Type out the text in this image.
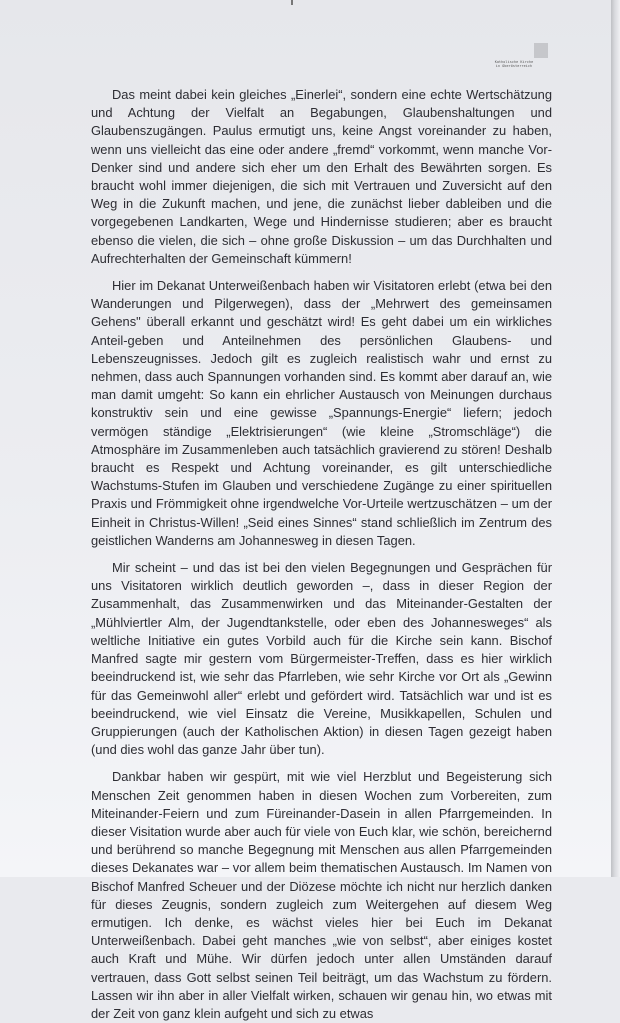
Katholische Kirche
in Oberösterreich

Das meint dabei kein gleiches „Einerlei“, sondern eine echte Wertschätzung und Achtung der Vielfalt an Begabungen, Glaubenshaltungen und Glaubenszugängen. Paulus ermutigt uns, keine Angst voreinander zu haben, wenn uns vielleicht das eine oder andere „fremd“ vorkommt, wenn manche Vor-Denker sind und andere sich eher um den Erhalt des Bewährten sorgen. Es braucht wohl immer diejenigen, die sich mit Vertrauen und Zuversicht auf den Weg in die Zukunft machen, und jene, die zunächst lieber dableiben und die vorgegebenen Landkarten, Wege und Hindernisse studieren; aber es braucht ebenso die vielen, die sich – ohne große Diskussion – um das Durchhalten und Aufrechterhalten der Gemeinschaft kümmern!

Hier im Dekanat Unterweißenbach haben wir Visitatoren erlebt (etwa bei den Wanderungen und Pilgerwegen), dass der „Mehrwert des gemeinsamen Gehens" überall erkannt und geschätzt wird! Es geht dabei um ein wirkliches Anteil-geben und Anteilnehmen des persönlichen Glaubens- und Lebenszeugnisses. Jedoch gilt es zugleich realistisch wahr und ernst zu nehmen, dass auch Spannungen vorhanden sind. Es kommt aber darauf an, wie man damit umgeht: So kann ein ehrlicher Austausch von Meinungen durchaus konstruktiv sein und eine gewisse „Spannungs-Energie“ liefern; jedoch vermögen ständige „Elektrisierungen“ (wie kleine „Stromschläge“) die Atmosphäre im Zusammenleben auch tatsächlich gravierend zu stören! Deshalb braucht es Respekt und Achtung voreinander, es gilt unterschiedliche Wachstums-Stufen im Glauben und verschiedene Zugänge zu einer spirituellen Praxis und Frömmigkeit ohne irgendwelche Vor-Urteile wertzuschätzen – um der Einheit in Christus-Willen! „Seid eines Sinnes“ stand schließlich im Zentrum des geistlichen Wanderns am Johannesweg in diesen Tagen.

Mir scheint – und das ist bei den vielen Begegnungen und Gesprächen für uns Visitatoren wirklich deutlich geworden –, dass in dieser Region der Zusammenhalt, das Zusammenwirken und das Miteinander-Gestalten der „Mühlviertler Alm, der Jugendtankstelle, oder eben des Johannesweges“ als weltliche Initiative ein gutes Vorbild auch für die Kirche sein kann. Bischof Manfred sagte mir gestern vom Bürgermeister-Treffen, dass es hier wirklich beeindruckend ist, wie sehr das Pfarrleben, wie sehr Kirche vor Ort als „Gewinn für das Gemeinwohl aller“ erlebt und gefördert wird. Tatsächlich war und ist es beeindruckend, wie viel Einsatz die Vereine, Musikkapellen, Schulen und Gruppierungen (auch der Katholischen Aktion) in diesen Tagen gezeigt haben (und dies wohl das ganze Jahr über tun).

Dankbar haben wir gespürt, mit wie viel Herzblut und Begeisterung sich Menschen Zeit genommen haben in diesen Wochen zum Vorbereiten, zum Miteinander-Feiern und zum Füreinander-Dasein in allen Pfarrgemeinden. In dieser Visitation wurde aber auch für viele von Euch klar, wie schön, bereichernd und berührend so manche Begegnung mit Menschen aus allen Pfarrgemeinden dieses Dekanates war – vor allem beim thematischen Austausch. Im Namen von Bischof Manfred Scheuer und der Diözese möchte ich nicht nur herzlich danken für dieses Zeugnis, sondern zugleich zum Weitergehen auf diesem Weg ermutigen. Ich denke, es wächst vieles hier bei Euch im Dekanat Unterweißenbach. Dabei geht manches „wie von selbst“, aber einiges kostet auch Kraft und Mühe. Wir dürfen jedoch unter allen Umständen darauf vertrauen, dass Gott selbst seinen Teil beiträgt, um das Wachstum zu fördern. Lassen wir ihn aber in aller Vielfalt wirken, schauen wir genau hin, wo etwas mit der Zeit von ganz klein aufgeht und sich zu etwas
